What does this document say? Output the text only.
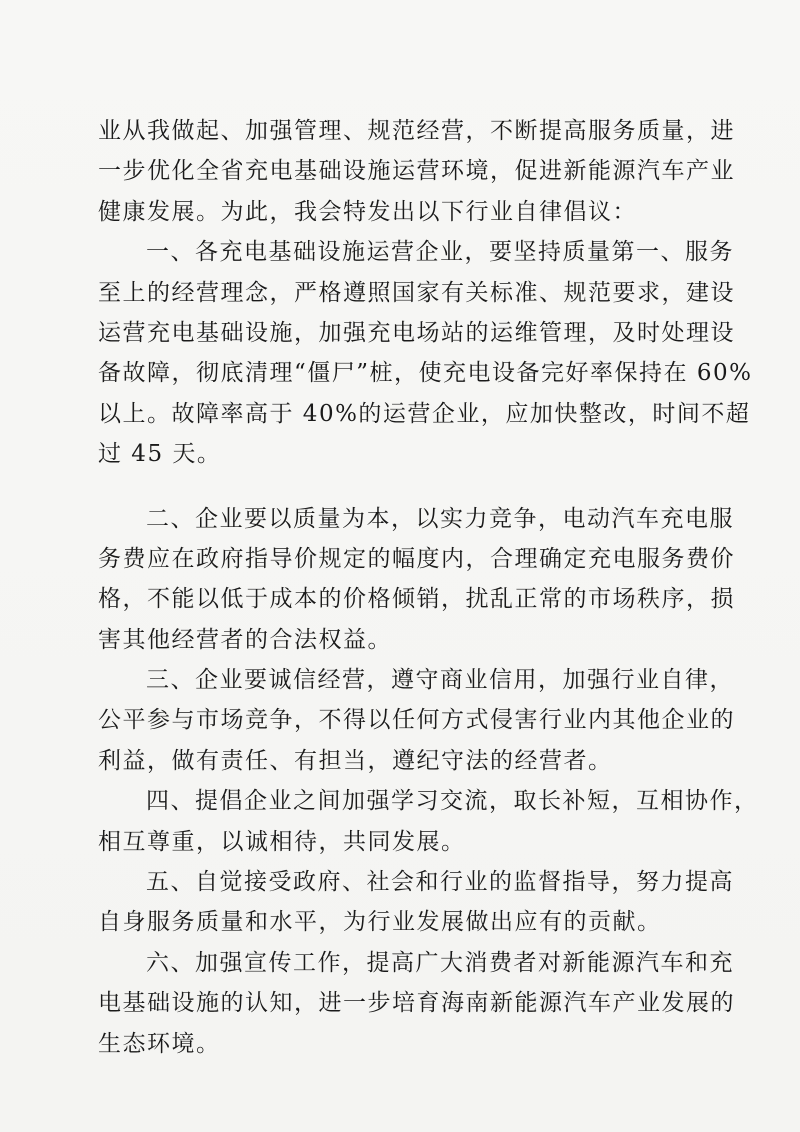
业从我做起、加强管理、规范经营，不断提高服务质量，进
一步优化全省充电基础设施运营环境，促进新能源汽车产业
健康发展。为此，我会特发出以下行业自律倡议：
一、各充电基础设施运营企业，要坚持质量第一、服务
至上的经营理念，严格遵照国家有关标准、规范要求，建设
运营充电基础设施，加强充电场站的运维管理，及时处理设
备故障，彻底清理“僵尸”桩，使充电设备完好率保持在 60%
以上。故障率高于 40%的运营企业，应加快整改，时间不超
过 45 天。
二、企业要以质量为本，以实力竞争，电动汽车充电服
务费应在政府指导价规定的幅度内，合理确定充电服务费价
格，不能以低于成本的价格倾销，扰乱正常的市场秩序，损
害其他经营者的合法权益。
三、企业要诚信经营，遵守商业信用，加强行业自律，
公平参与市场竞争，不得以任何方式侵害行业内其他企业的
利益，做有责任、有担当，遵纪守法的经营者。
四、提倡企业之间加强学习交流，取长补短，互相协作，
相互尊重，以诚相待，共同发展。
五、自觉接受政府、社会和行业的监督指导，努力提高
自身服务质量和水平，为行业发展做出应有的贡献。
六、加强宣传工作，提高广大消费者对新能源汽车和充
电基础设施的认知，进一步培育海南新能源汽车产业发展的
生态环境。
